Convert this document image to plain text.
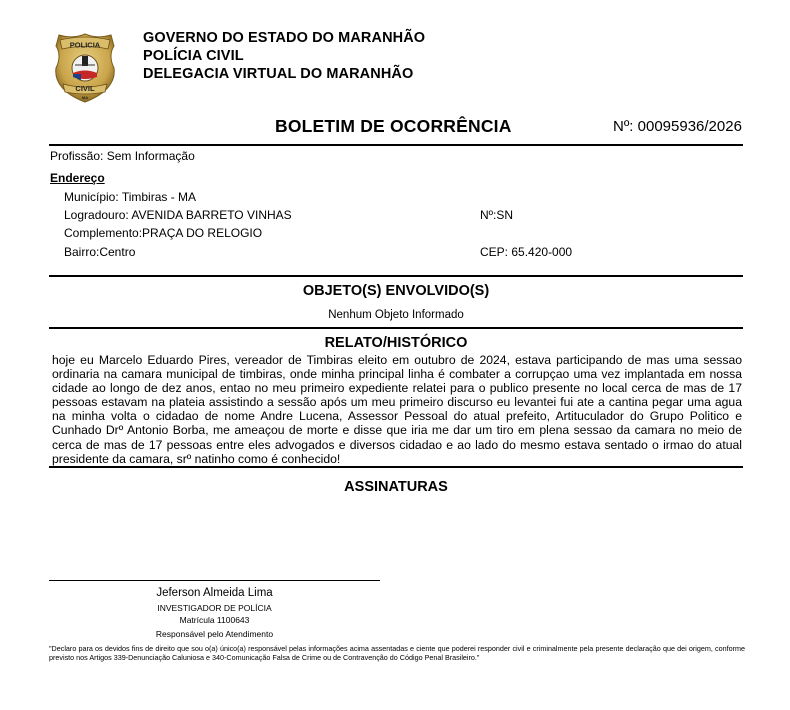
POLICIA
CIVIL
MA
GOVERNO DO ESTADO DO MARANHÃO
POLÍCIA CIVIL
DELEGACIA VIRTUAL DO MARANHÃO
BOLETIM DE OCORRÊNCIA	Nº: 00095936/2026
Profissão: Sem Informação
Endereço
Município: Timbiras - MA
Logradouro: AVENIDA BARRETO VINHAS	Nº:SN
Complemento:PRAÇA DO RELOGIO
Bairro:Centro	CEP: 65.420-000
OBJETO(S) ENVOLVIDO(S)
Nenhum Objeto Informado
RELATO/HISTÓRICO
hoje eu Marcelo Eduardo Pires, vereador de Timbiras eleito em outubro de 2024, estava participando de mas uma sessao ordinaria na camara municipal de timbiras, onde minha principal linha é combater a corrupçao uma vez implantada em nossa cidade ao longo de dez anos, entao no meu primeiro expediente relatei para o publico presente no local cerca de mas de 17 pessoas estavam na plateia assistindo a sessão após um meu primeiro discurso eu levantei fui ate a cantina pegar uma agua na minha volta o cidadao de nome Andre Lucena, Assessor Pessoal do atual prefeito, Artituculador do Grupo Politico e Cunhado Drº Antonio Borba, me ameaçou de morte e disse que iria me dar um tiro em plena sessao da camara no meio de cerca de mas de 17 pessoas entre eles advogados e diversos cidadao e ao lado do mesmo estava sentado o irmao do atual presidente da camara, srº natinho como é conhecido!
ASSINATURAS
Jeferson Almeida Lima
INVESTIGADOR DE POLÍCIA
Matrícula 1100643
Responsável pelo Atendimento
"Declaro para os devidos fins de direito que sou o(a) único(a) responsável pelas informações acima assentadas e ciente que poderei responder civil e criminalmente pela presente declaração que dei origem, conforme previsto nos Artigos 339-Denunciação Caluniosa e 340-Comunicação Falsa de Crime ou de Contravenção do Código Penal Brasileiro."
